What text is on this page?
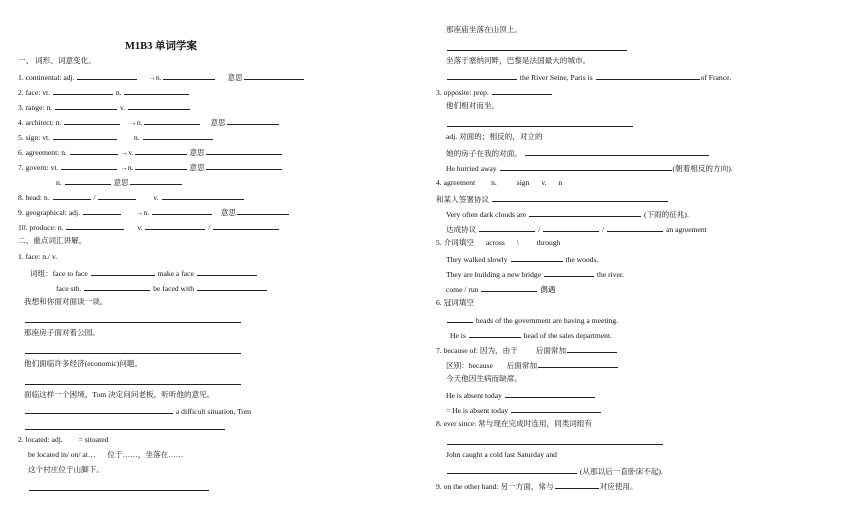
M1B3 单词学案
一、 词形、词意变化。
1. continental: adj.	→n.	意思
2. face: vt.	n.
3. range: n.	v.
4. architect: n.	→n.	意思
5. sign: vt.	n.
6. agreement: n.	→v.	意思
7. govern: vt.	→n.	意思
n.	意思
8. head: n.	/	v.
9. geographical: adj.	→n.	意思
10. produce: n.	v.	/
二、重点词汇讲解。
1. face: n./ v.
词组：face to face	make a face
face sth.	be faced with
我想和你面对面谈一谈。
那座房子面对着公园。
他们面临许多经济(economic)问题。
面临这样一个困境，Tom 决定问问老板，听听他的意见。
a difficult situation, Tom
2. located: adj. = situated
be located in/ on/ at… 位于……，坐落在……
这个村庄位于山脚下。
那座庙坐落在山顶上。
坐落于塞纳河畔，巴黎是法国最大的城市。
the River Seine, Paris is	of France.
3. opposite: prep.
他们相对而坐。
adj. 对面的；相反的，对立的
她的房子在我的对面。
He hurried away	(朝着相反的方向).
4. agreement n.	sign v. n
和某人签署协议
Very often dark clouds are	(下雨的征兆).
达成协议	/	/	an agreement
5. 介词填空 across \ through
They walked slowly	the woods.
They are building a new bridge	the river.
come / run	偶遇
6. 冠词填空
heads of the government are having a meeting.
He is	head of the sales department.
7. because of: 因为，由于 后面常加
区别：because 后面常加
今天他因生病而缺席。
He is absent today
= He is absent today
8. ever since: 常与现在完成时连用，同类词组有
John caught a cold last Saturday and
(从那以后一直卧床不起).
9. on the other hand: 另一方面，常与	对应使用。
